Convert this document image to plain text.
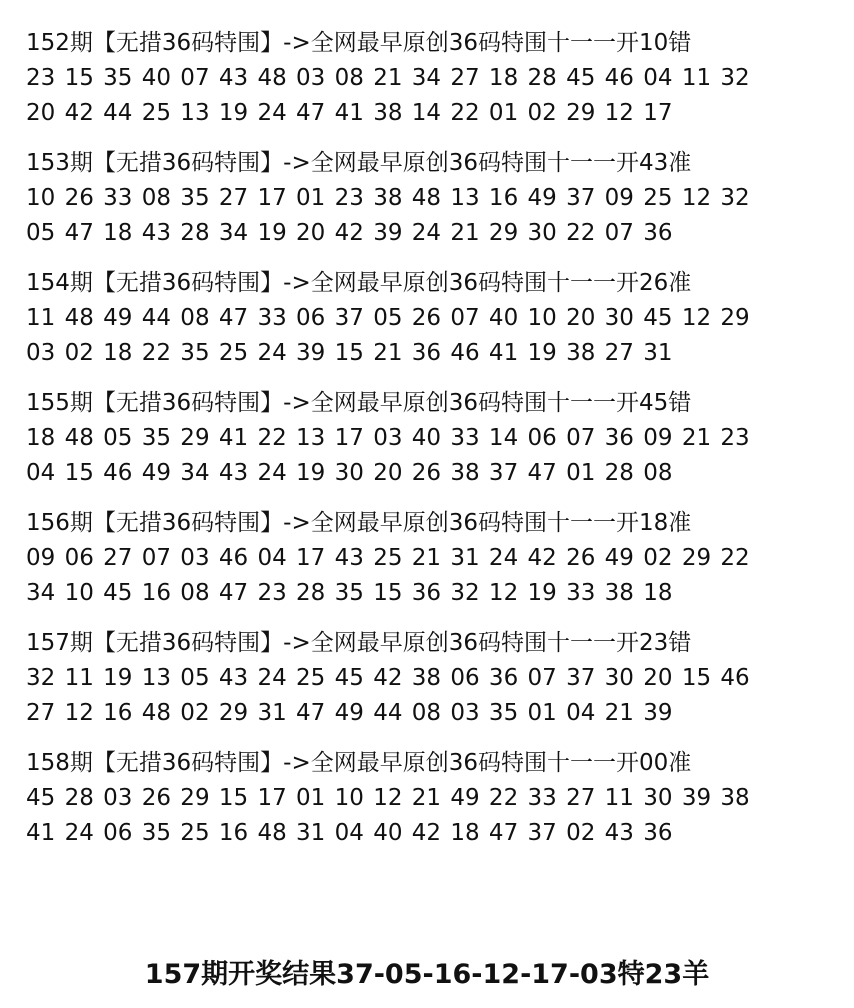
152期【无措36码特围】->全网最早原创36码特围十一一开10错
23 15 35 40 07 43 48 03 08 21 34 27 18 28 45 46 04 11 32
20 42 44 25 13 19 24 47 41 38 14 22 01 02 29 12 17
153期【无措36码特围】->全网最早原创36码特围十一一开43准
10 26 33 08 35 27 17 01 23 38 48 13 16 49 37 09 25 12 32
05 47 18 43 28 34 19 20 42 39 24 21 29 30 22 07 36
154期【无措36码特围】->全网最早原创36码特围十一一开26准
11 48 49 44 08 47 33 06 37 05 26 07 40 10 20 30 45 12 29
03 02 18 22 35 25 24 39 15 21 36 46 41 19 38 27 31
155期【无措36码特围】->全网最早原创36码特围十一一开45错
18 48 05 35 29 41 22 13 17 03 40 33 14 06 07 36 09 21 23
04 15 46 49 34 43 24 19 30 20 26 38 37 47 01 28 08
156期【无措36码特围】->全网最早原创36码特围十一一开18准
09 06 27 07 03 46 04 17 43 25 21 31 24 42 26 49 02 29 22
34 10 45 16 08 47 23 28 35 15 36 32 12 19 33 38 18
157期【无措36码特围】->全网最早原创36码特围十一一开23错
32 11 19 13 05 43 24 25 45 42 38 06 36 07 37 30 20 15 46
27 12 16 48 02 29 31 47 49 44 08 03 35 01 04 21 39
158期【无措36码特围】->全网最早原创36码特围十一一开00准
45 28 03 26 29 15 17 01 10 12 21 49 22 33 27 11 30 39 38
41 24 06 35 25 16 48 31 04 40 42 18 47 37 02 43 36
157期开奖结果37-05-16-12-17-03特23羊
